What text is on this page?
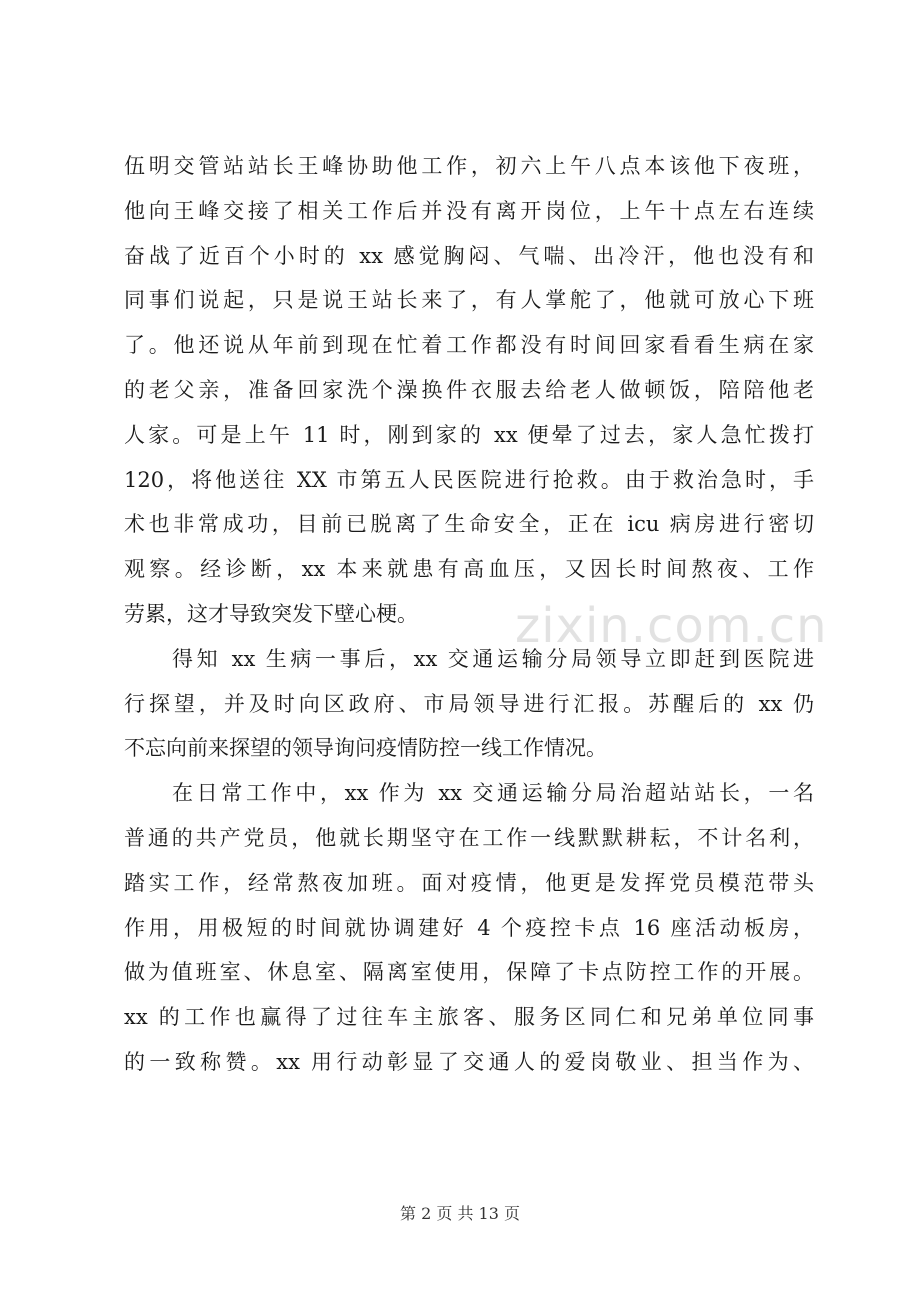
伍明交管站站长王峰协助他工作，初六上午八点本该他下夜班，
他向王峰交接了相关工作后并没有离开岗位，上午十点左右连续
奋战了近百个小时的 xx 感觉胸闷、气喘、出冷汗，他也没有和
同事们说起，只是说王站长来了，有人掌舵了，他就可放心下班
了。他还说从年前到现在忙着工作都没有时间回家看看生病在家
的老父亲，准备回家洗个澡换件衣服去给老人做顿饭，陪陪他老
人家。可是上午 11 时，刚到家的 xx 便晕了过去，家人急忙拨打
120，将他送往 XX 市第五人民医院进行抢救。由于救治急时，手
术也非常成功，目前已脱离了生命安全，正在 icu 病房进行密切
观察。经诊断，xx 本来就患有高血压，又因长时间熬夜、工作
劳累，这才导致突发下壁心梗。
得知 xx 生病一事后，xx 交通运输分局领导立即赶到医院进
行探望，并及时向区政府、市局领导进行汇报。苏醒后的 xx 仍
不忘向前来探望的领导询问疫情防控一线工作情况。
在日常工作中，xx 作为 xx 交通运输分局治超站站长，一名
普通的共产党员，他就长期坚守在工作一线默默耕耘，不计名利，
踏实工作，经常熬夜加班。面对疫情，他更是发挥党员模范带头
作用，用极短的时间就协调建好 4 个疫控卡点 16 座活动板房，
做为值班室、休息室、隔离室使用，保障了卡点防控工作的开展。
xx 的工作也赢得了过往车主旅客、服务区同仁和兄弟单位同事
的一致称赞。xx 用行动彰显了交通人的爱岗敬业、担当作为、
zixin.com.cn
第 2 页 共 13 页
